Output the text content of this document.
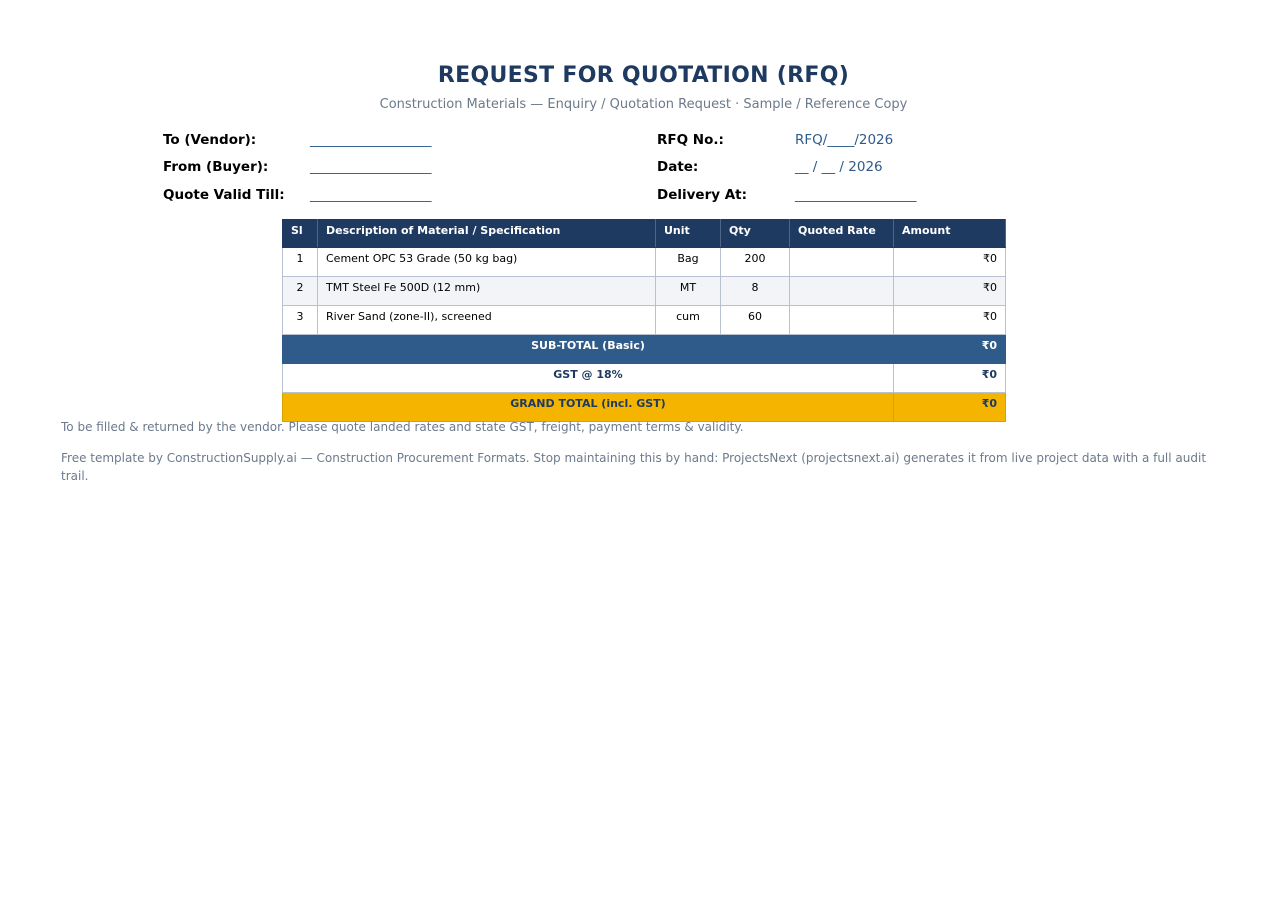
REQUEST FOR QUOTATION (RFQ)
Construction Materials — Enquiry / Quotation Request · Sample / Reference Copy
To (Vendor):	__________________
From (Buyer):	__________________
Quote Valid Till: __________________
RFQ No.:	RFQ/____/2026
Date:	__ / __ / 2026
Delivery At:	__________________
Sl	Description of Material / Specification	Unit	Qty	Quoted Rate	Amount
1	Cement OPC 53 Grade (50 kg bag)	Bag	200		₹0
2	TMT Steel Fe 500D (12 mm)	MT	8		₹0
3	River Sand (zone-II), screened	cum	60		₹0
SUB-TOTAL (Basic)					₹0
GST @ 18%					₹0
GRAND TOTAL (incl. GST)					₹0
To be filled & returned by the vendor. Please quote landed rates and state GST, freight, payment terms & validity.
Free template by ConstructionSupply.ai — Construction Procurement Formats. Stop maintaining this by hand: ProjectsNext (projectsnext.ai) generates it from live project data with a full audit trail.
